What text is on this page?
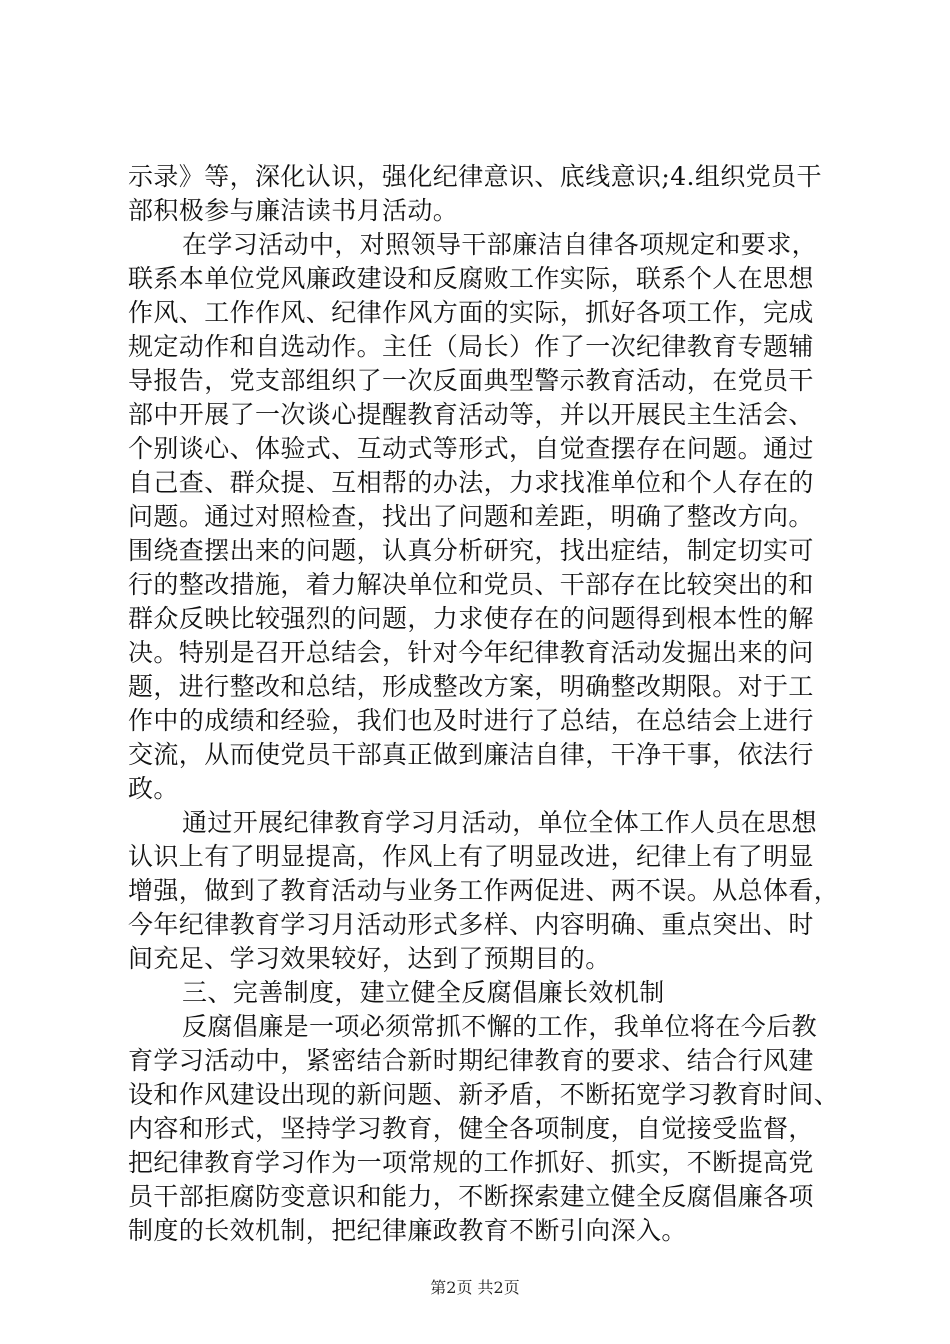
示录》等，深化认识，强化纪律意识、底线意识;4.组织党员干
部积极参与廉洁读书月活动。
在学习活动中，对照领导干部廉洁自律各项规定和要求，
联系本单位党风廉政建设和反腐败工作实际，联系个人在思想
作风、工作作风、纪律作风方面的实际，抓好各项工作，完成
规定动作和自选动作。主任（局长）作了一次纪律教育专题辅
导报告，党支部组织了一次反面典型警示教育活动，在党员干
部中开展了一次谈心提醒教育活动等，并以开展民主生活会、
个别谈心、体验式、互动式等形式，自觉查摆存在问题。通过
自己查、群众提、互相帮的办法，力求找准单位和个人存在的
问题。通过对照检查，找出了问题和差距，明确了整改方向。
围绕查摆出来的问题，认真分析研究，找出症结，制定切实可
行的整改措施，着力解决单位和党员、干部存在比较突出的和
群众反映比较强烈的问题，力求使存在的问题得到根本性的解
决。特别是召开总结会，针对今年纪律教育活动发掘出来的问
题，进行整改和总结，形成整改方案，明确整改期限。对于工
作中的成绩和经验，我们也及时进行了总结，在总结会上进行
交流，从而使党员干部真正做到廉洁自律，干净干事，依法行
政。
通过开展纪律教育学习月活动，单位全体工作人员在思想
认识上有了明显提高，作风上有了明显改进，纪律上有了明显
增强，做到了教育活动与业务工作两促进、两不误。从总体看，
今年纪律教育学习月活动形式多样、内容明确、重点突出、时
间充足、学习效果较好，达到了预期目的。
三、完善制度，建立健全反腐倡廉长效机制
反腐倡廉是一项必须常抓不懈的工作，我单位将在今后教
育学习活动中，紧密结合新时期纪律教育的要求、结合行风建
设和作风建设出现的新问题、新矛盾，不断拓宽学习教育时间、
内容和形式，坚持学习教育，健全各项制度，自觉接受监督，
把纪律教育学习作为一项常规的工作抓好、抓实，不断提高党
员干部拒腐防变意识和能力，不断探索建立健全反腐倡廉各项
制度的长效机制，把纪律廉政教育不断引向深入。
第2页 共2页
